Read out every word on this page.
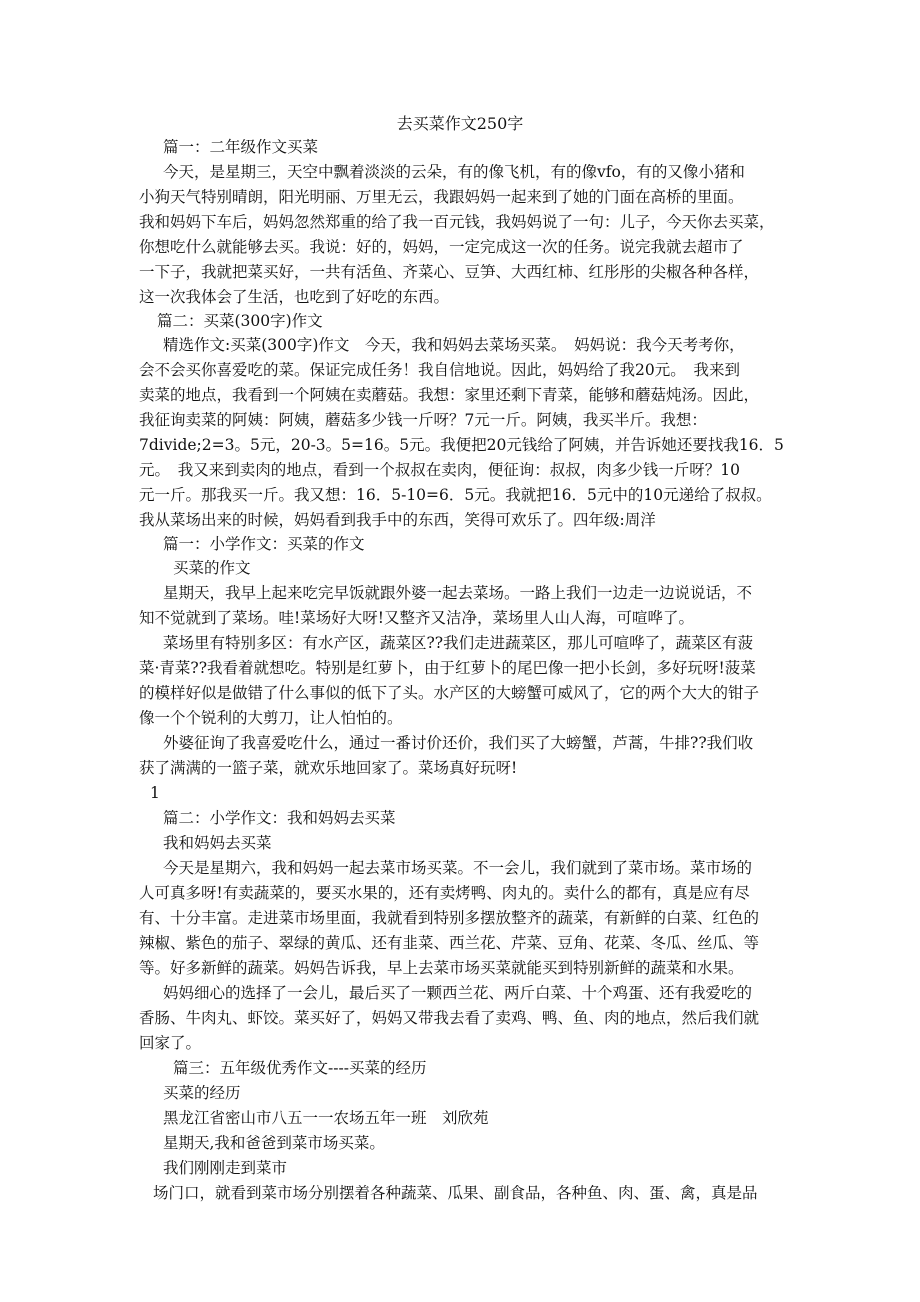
去买菜作文250字
篇一：二年级作文买菜
今天，是星期三，天空中飘着淡淡的云朵，有的像飞机，有的像vfo，有的又像小猪和
小狗天气特别晴朗，阳光明丽、万里无云，我跟妈妈一起来到了她的门面在高桥的里面。
我和妈妈下车后，妈妈忽然郑重的给了我一百元钱，我妈妈说了一句：儿子，今天你去买菜，
你想吃什么就能够去买。我说：好的，妈妈，一定完成这一次的任务。说完我就去超市了
一下子，我就把菜买好，一共有活鱼、齐菜心、豆笋、大西红柿、红彤彤的尖椒各种各样，
这一次我体会了生活，也吃到了好吃的东西。
篇二：买菜(300字)作文
精选作文:买菜(300字)作文　今天，我和妈妈去菜场买菜。　妈妈说：我今天考考你，
会不会买你喜爱吃的菜。保证完成任务！我自信地说。因此，妈妈给了我20元。　我来到
卖菜的地点，我看到一个阿姨在卖蘑菇。我想：家里还剩下青菜，能够和蘑菇炖汤。因此，
我征询卖菜的阿姨：阿姨，蘑菇多少钱一斤呀？7元一斤。阿姨，我买半斤。我想：
7divide;2=3。5元，20-3。5=16。5元。我便把20元钱给了阿姨，并告诉她还要找我16．5
元。　我又来到卖肉的地点，看到一个叔叔在卖肉，便征询：叔叔，肉多少钱一斤呀？10
元一斤。那我买一斤。我又想：16．5-10=6．5元。我就把16．5元中的10元递给了叔叔。
我从菜场出来的时候，妈妈看到我手中的东西，笑得可欢乐了。四年级:周洋
篇一：小学作文：买菜的作文
买菜的作文
星期天，我早上起来吃完早饭就跟外婆一起去菜场。一路上我们一边走一边说说话，不
知不觉就到了菜场。哇!菜场好大呀!又整齐又洁净，菜场里人山人海，可喧哗了。
菜场里有特别多区：有水产区，蔬菜区??我们走进蔬菜区，那儿可喧哗了，蔬菜区有菠
菜·青菜??我看着就想吃。特别是红萝卜，由于红萝卜的尾巴像一把小长剑，多好玩呀!菠菜
的模样好似是做错了什么事似的低下了头。水产区的大螃蟹可威风了，它的两个大大的钳子
像一个个锐利的大剪刀，让人怕怕的。
外婆征询了我喜爱吃什么，通过一番讨价还价，我们买了大螃蟹，芦蒿，牛排??我们收
获了满满的一篮子菜，就欢乐地回家了。菜场真好玩呀!
1
篇二：小学作文：我和妈妈去买菜
我和妈妈去买菜
今天是星期六，我和妈妈一起去菜市场买菜。不一会儿，我们就到了菜市场。菜市场的
人可真多呀!有卖蔬菜的，要买水果的，还有卖烤鸭、肉丸的。卖什么的都有，真是应有尽
有、十分丰富。走进菜市场里面，我就看到特别多摆放整齐的蔬菜，有新鲜的白菜、红色的
辣椒、紫色的茄子、翠绿的黄瓜、还有韭菜、西兰花、芹菜、豆角、花菜、冬瓜、丝瓜、等
等。好多新鲜的蔬菜。妈妈告诉我，早上去菜市场买菜就能买到特别新鲜的蔬菜和水果。
妈妈细心的选择了一会儿，最后买了一颗西兰花、两斤白菜、十个鸡蛋、还有我爱吃的
香肠、牛肉丸、虾饺。菜买好了，妈妈又带我去看了卖鸡、鸭、鱼、肉的地点，然后我们就
回家了。
篇三：五年级优秀作文----买菜的经历
买菜的经历
黑龙江省密山市八五一一农场五年一班　刘欣苑
星期天,我和爸爸到菜市场买菜。
我们刚刚走到菜市
场门口，就看到菜市场分别摆着各种蔬菜、瓜果、副食品，各种鱼、肉、蛋、禽，真是品
